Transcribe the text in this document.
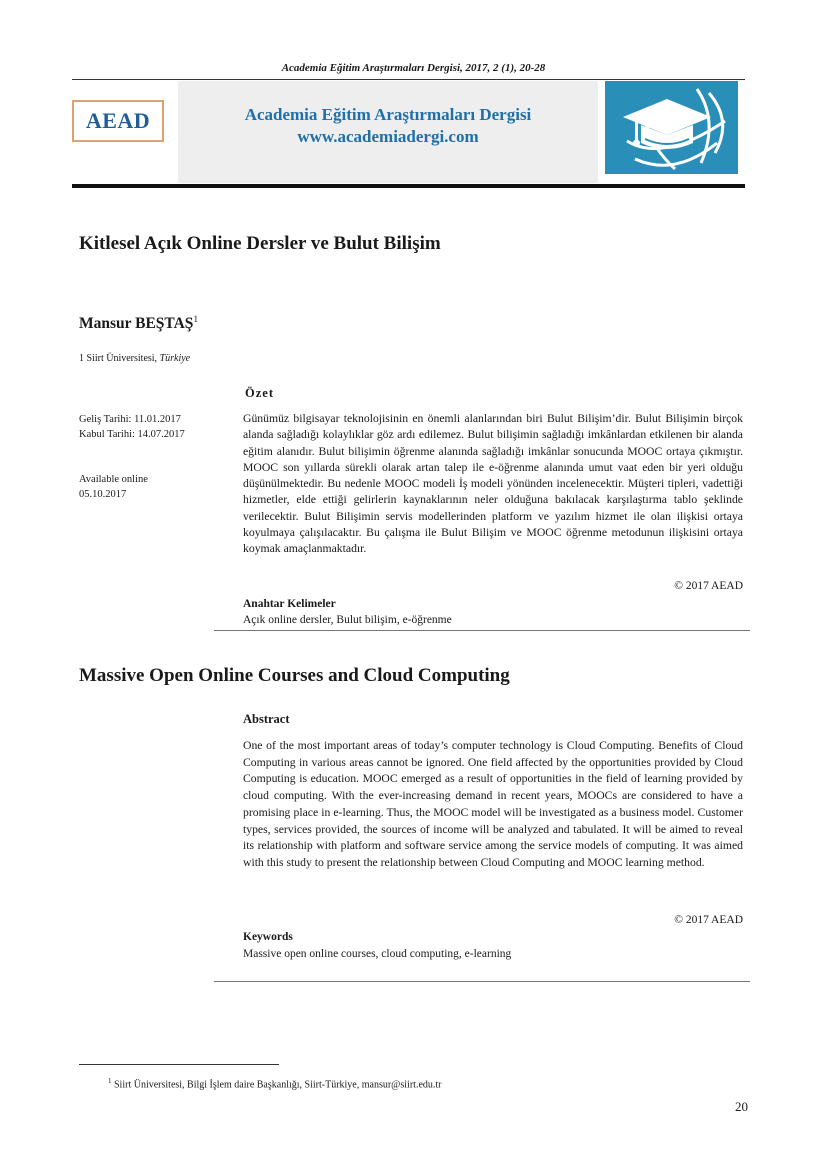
Academia Eğitim Araştırmaları Dergisi, 2017, 2 (1), 20-28
AEAD	Academia Eğitim Araştırmaları Dergisi
www.academiadergi.com
Kitlesel Açık Online Dersler ve Bulut Bilişim
Mansur BEŞTAŞ$^1$
1 Siirt Üniversitesi, Türkiye
Özet
Geliş Tarihi: 11.01.2017
Kabul Tarihi: 14.07.2017
Available online
05.10.2017
Günümüz bilgisayar teknolojisinin en önemli alanlarından biri Bulut Bilişim’dir. Bulut Bilişimin birçok alanda sağladığı kolaylıklar göz ardı edilemez. Bulut bilişimin sağladığı imkânlardan etkilenen bir alanda eğitim alanıdır. Bulut bilişimin öğrenme alanında sağladığı imkânlar sonucunda MOOC ortaya çıkmıştır. MOOC son yıllarda sürekli olarak artan talep ile e-öğrenme alanında umut vaat eden bir yeri olduğu düşünülmektedir. Bu nedenle MOOC modeli İş modeli yönünden incelenecektir. Müşteri tipleri, vadettiği hizmetler, elde ettiği gelirlerin kaynaklarının neler olduğuna bakılacak karşılaştırma tablo şeklinde verilecektir. Bulut Bilişimin servis modellerinden platform ve yazılım hizmet ile olan ilişkisi ortaya koyulmaya çalışılacaktır. Bu çalışma ile Bulut Bilişim ve MOOC öğrenme metodunun ilişkisini ortaya koymak amaçlanmaktadır.
© 2017 AEAD
Anahtar Kelimeler
Açık online dersler, Bulut bilişim, e-öğrenme
Massive Open Online Courses and Cloud Computing
Abstract
One of the most important areas of today’s computer technology is Cloud Computing. Benefits of Cloud Computing in various areas cannot be ignored. One field affected by the opportunities provided by Cloud Computing is education. MOOC emerged as a result of opportunities in the field of learning provided by cloud computing. With the ever-increasing demand in recent years, MOOCs are considered to have a promising place in e-learning. Thus, the MOOC model will be investigated as a business model. Customer types, services provided, the sources of income will be analyzed and tabulated. It will be aimed to reveal its relationship with platform and software service among the service models of computing. It was aimed with this study to present the relationship between Cloud Computing and MOOC learning method.
© 2017 AEAD
Keywords
Massive open online courses, cloud computing, e-learning
$^1$ Siirt Üniversitesi, Bilgi İşlem daire Başkanlığı, Siirt-Türkiye, mansur@siirt.edu.tr
20
